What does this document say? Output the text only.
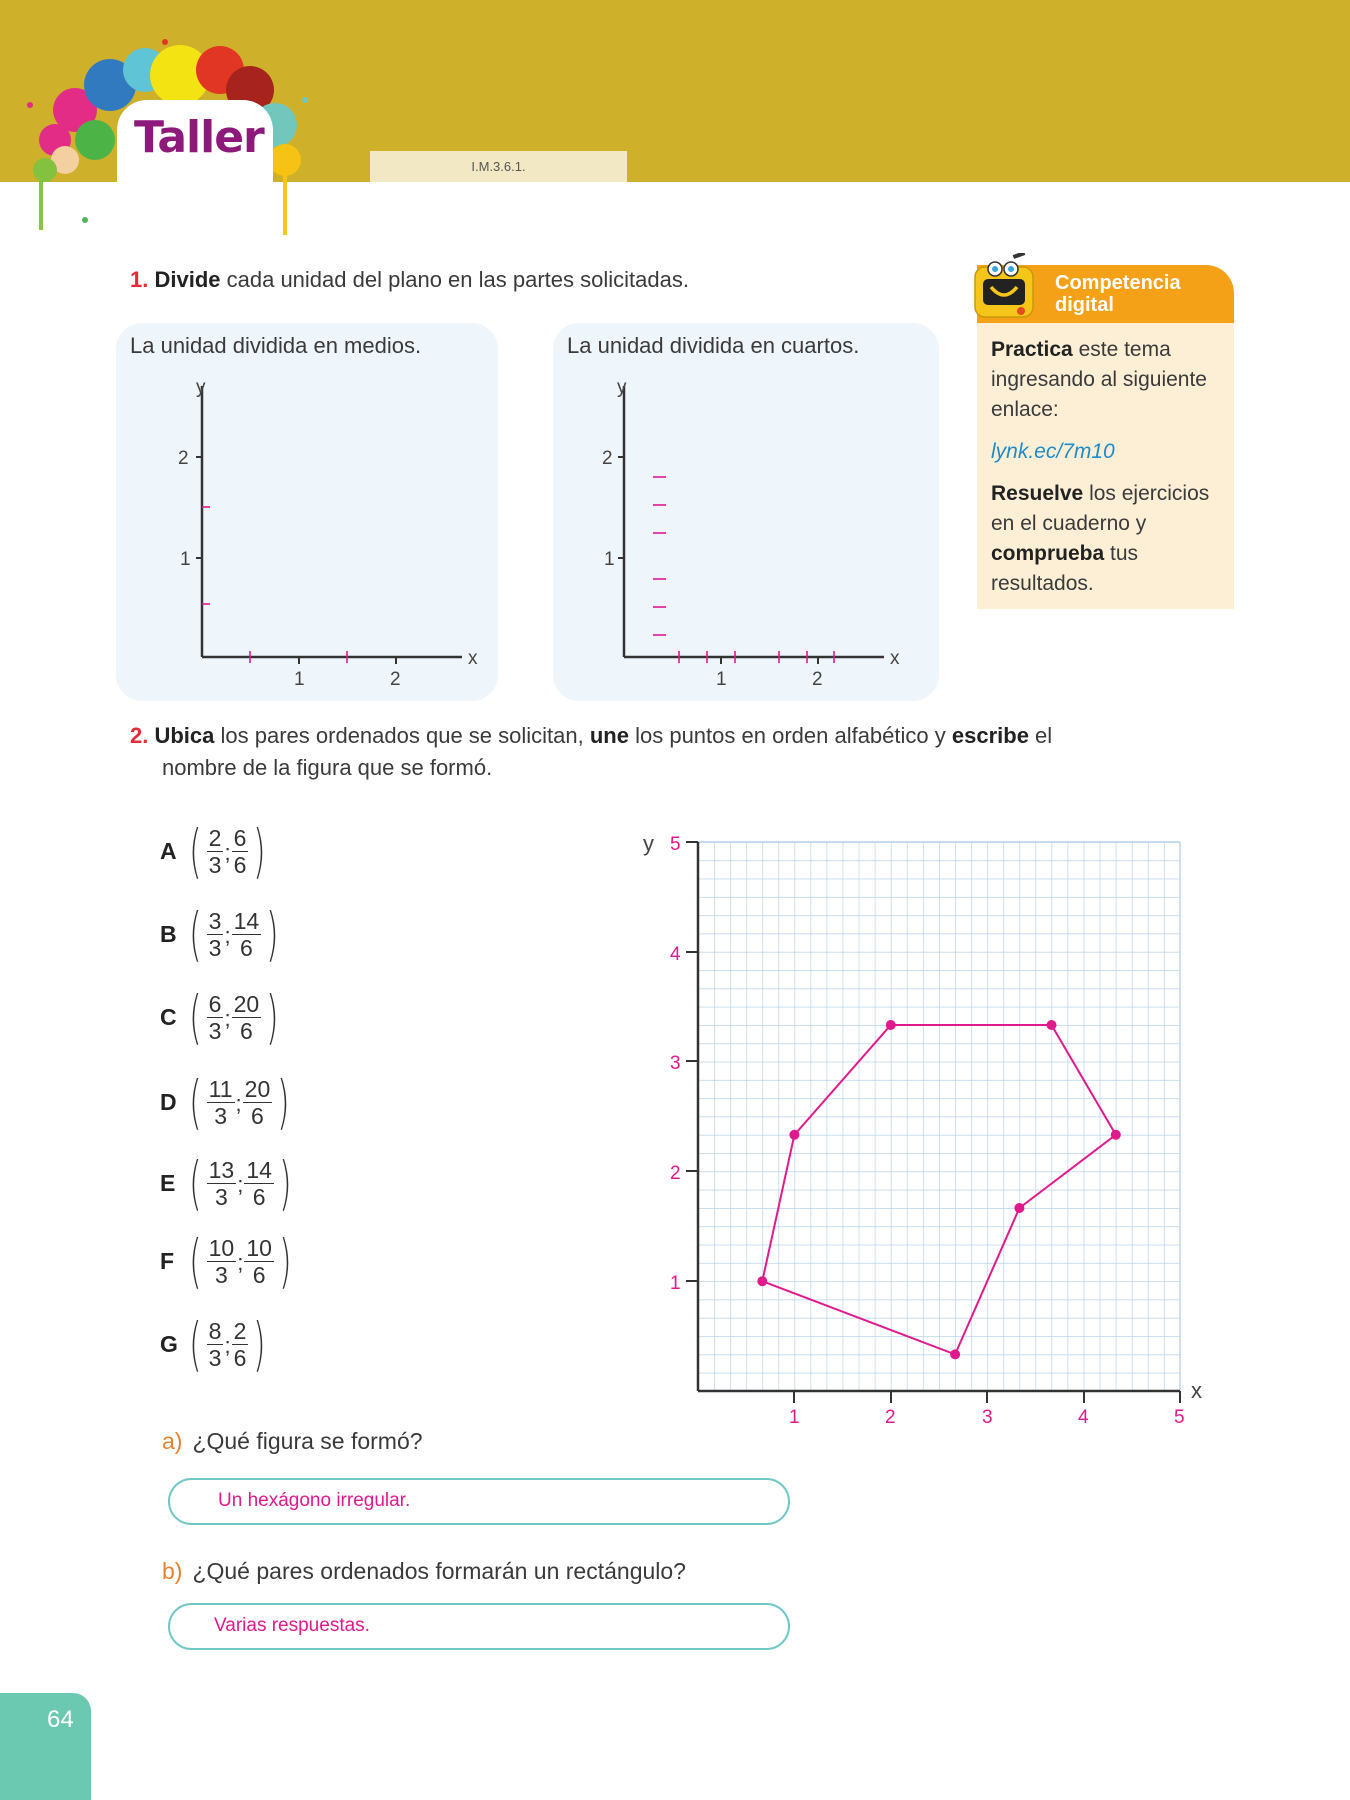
Taller
I.M.3.6.1.
1. Divide cada unidad del plano en las partes solicitadas.
La unidad dividida en medios.
y
x
2
1
1	2
La unidad dividida en cuartos.
y
x
2
1
1	2
Competencia
digital

Practica este tema ingresando al siguiente enlace:

lynk.ec/7m10

Resuelve los ejercicios en el cuaderno y comprueba tus resultados.

2. Ubica los pares ordenados que se solicitan, une los puntos en orden alfabético y escribe el
nombre de la figura que se formó.
A ( $\frac{2}{3}$ ; $\frac{6}{6}$ )
B ( $\frac{3}{3}$ ; $\frac{14}{6}$ )
C ( $\frac{6}{3}$ ; $\frac{20}{6}$ )
D ( $\frac{11}{3}$ ; $\frac{20}{6}$ )
E ( $\frac{13}{3}$ ; $\frac{14}{6}$ )
F ( $\frac{10}{3}$ ; $\frac{10}{6}$ )
G ( $\frac{8}{3}$ ; $\frac{2}{6}$ )
5
4
3
2
1
1	2	3	4	5
y
x
a) ¿Qué figura se formó?
Un hexágono irregular.
b) ¿Qué pares ordenados formarán un rectángulo?
Varias respuestas.
64
